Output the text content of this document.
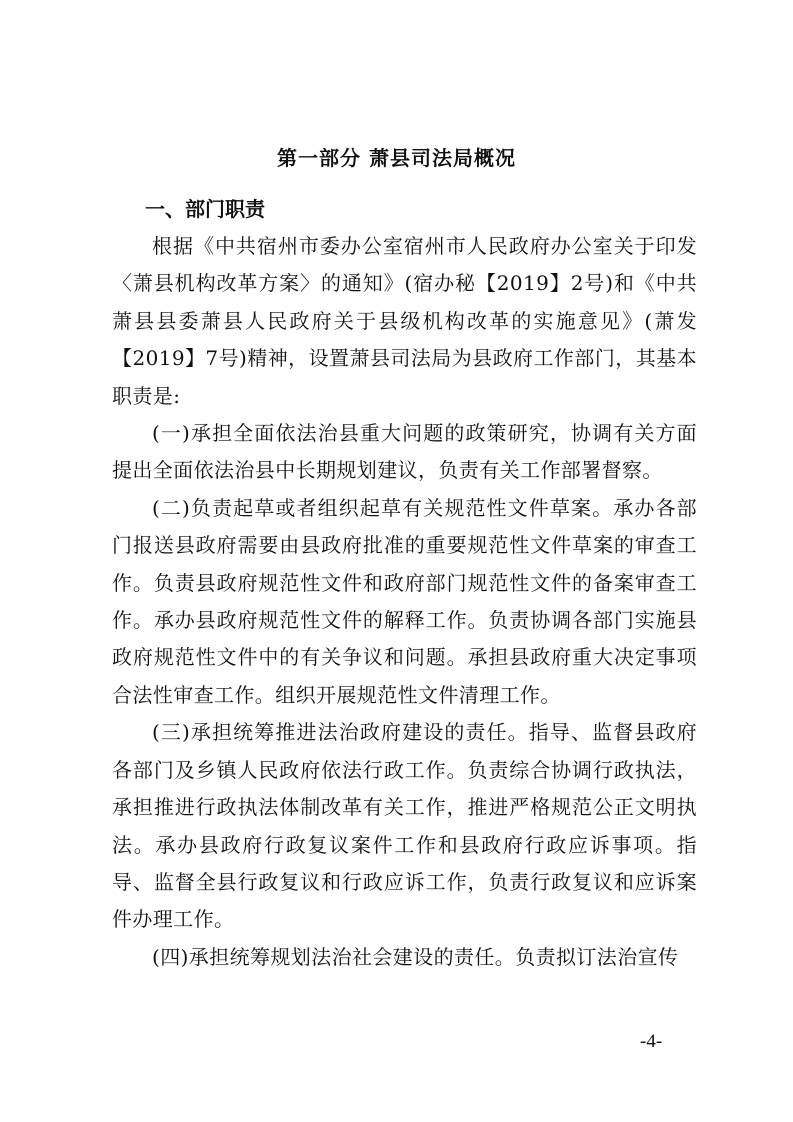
第一部分 萧县司法局概况
一、部门职责

根据《中共宿州市委办公室宿州市人民政府办公室关于印发〈萧县机构改革方案〉的通知》(宿办秘【2019】2号)和《中共萧县县委萧县人民政府关于县级机构改革的实施意见》(萧发【2019】7号)精神，设置萧县司法局为县政府工作部门，其基本职责是:

(一)承担全面依法治县重大问题的政策研究，协调有关方面提出全面依法治县中长期规划建议，负责有关工作部署督察。

(二)负责起草或者组织起草有关规范性文件草案。承办各部门报送县政府需要由县政府批准的重要规范性文件草案的审查工作。负责县政府规范性文件和政府部门规范性文件的备案审查工作。承办县政府规范性文件的解释工作。负责协调各部门实施县政府规范性文件中的有关争议和问题。承担县政府重大决定事项合法性审查工作。组织开展规范性文件清理工作。

(三)承担统筹推进法治政府建设的责任。指导、监督县政府各部门及乡镇人民政府依法行政工作。负责综合协调行政执法，承担推进行政执法体制改革有关工作，推进严格规范公正文明执法。承办县政府行政复议案件工作和县政府行政应诉事项。指导、监督全县行政复议和行政应诉工作，负责行政复议和应诉案件办理工作。

(四)承担统筹规划法治社会建设的责任。负责拟订法治宣传

-4-
